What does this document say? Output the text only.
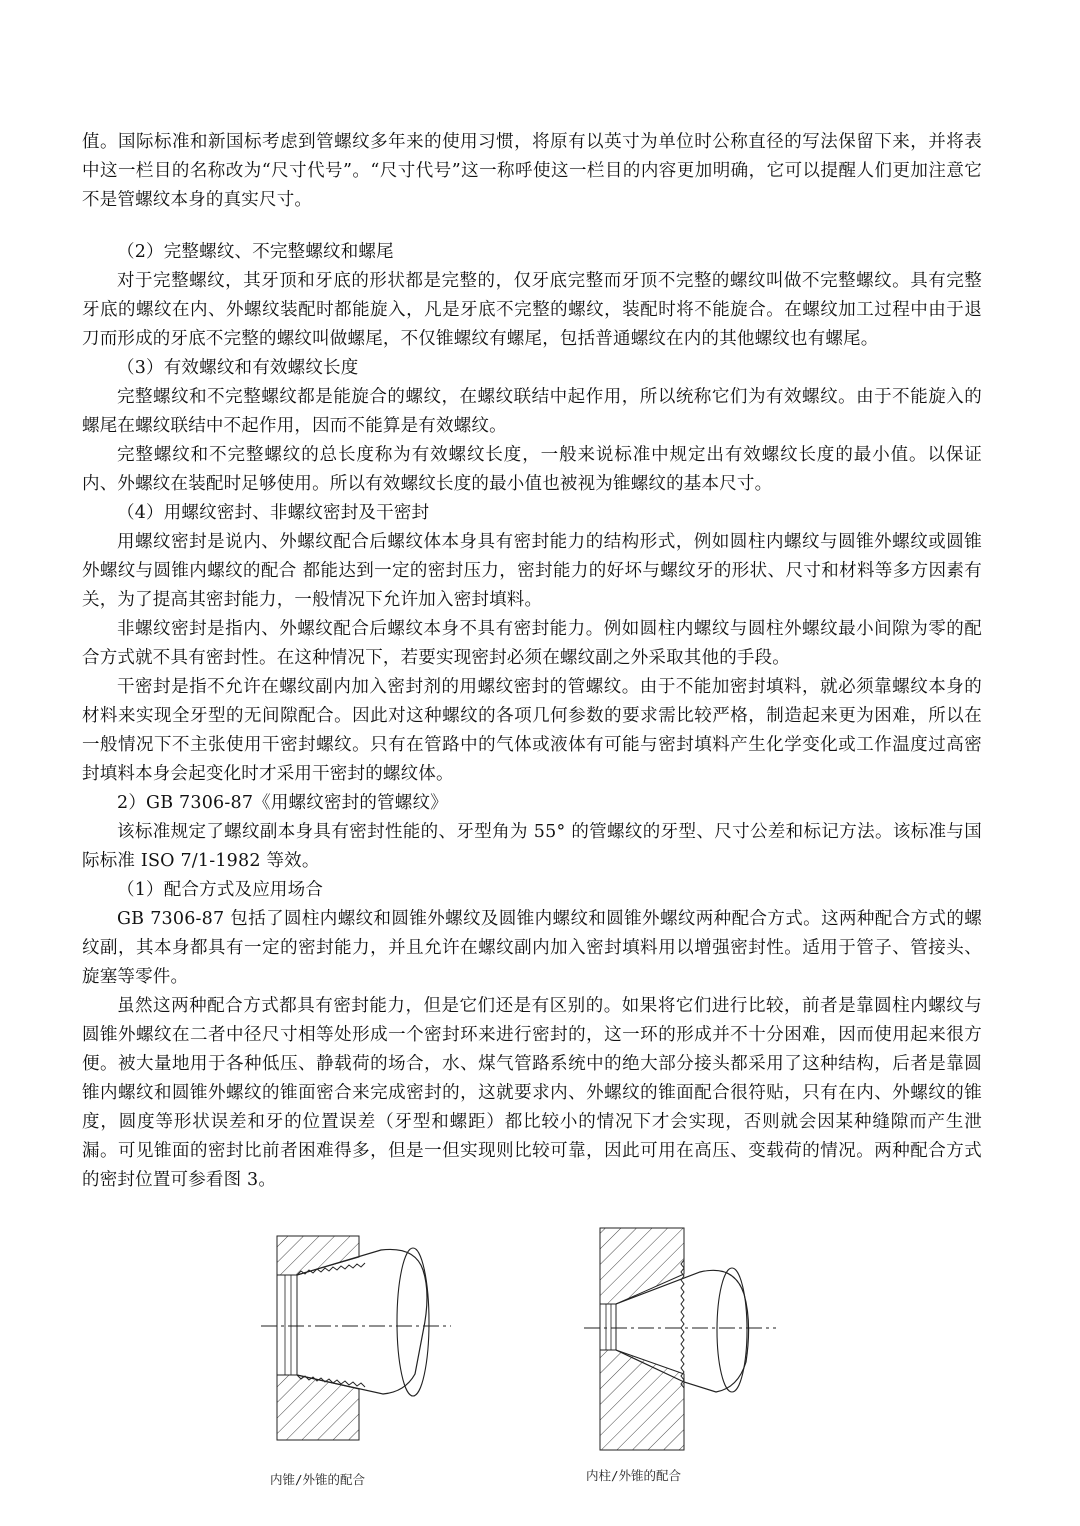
值。国际标准和新国标考虑到管螺纹多年来的使用习惯，将原有以英寸为单位时公称直径的写法保留下来，并将表中这一栏目的名称改为“尺寸代号”。“尺寸代号”这一称呼使这一栏目的内容更加明确，它可以提醒人们更加注意它不是管螺纹本身的真实尺寸。

（2）完整螺纹、不完整螺纹和螺尾

对于完整螺纹，其牙顶和牙底的形状都是完整的，仅牙底完整而牙顶不完整的螺纹叫做不完整螺纹。具有完整牙底的螺纹在内、外螺纹装配时都能旋入，凡是牙底不完整的螺纹，装配时将不能旋合。在螺纹加工过程中由于退刀而形成的牙底不完整的螺纹叫做螺尾，不仅锥螺纹有螺尾，包括普通螺纹在内的其他螺纹也有螺尾。

（3）有效螺纹和有效螺纹长度

完整螺纹和不完整螺纹都是能旋合的螺纹，在螺纹联结中起作用，所以统称它们为有效螺纹。由于不能旋入的螺尾在螺纹联结中不起作用，因而不能算是有效螺纹。

完整螺纹和不完整螺纹的总长度称为有效螺纹长度，一般来说标准中规定出有效螺纹长度的最小值。以保证内、外螺纹在装配时足够使用。所以有效螺纹长度的最小值也被视为锥螺纹的基本尺寸。

（4）用螺纹密封、非螺纹密封及干密封

用螺纹密封是说内、外螺纹配合后螺纹体本身具有密封能力的结构形式，例如圆柱内螺纹与圆锥外螺纹或圆锥外螺纹与圆锥内螺纹的配合 都能达到一定的密封压力，密封能力的好坏与螺纹牙的形状、尺寸和材料等多方因素有关，为了提高其密封能力，一般情况下允许加入密封填料。

非螺纹密封是指内、外螺纹配合后螺纹本身不具有密封能力。例如圆柱内螺纹与圆柱外螺纹最小间隙为零的配合方式就不具有密封性。在这种情况下，若要实现密封必须在螺纹副之外采取其他的手段。

干密封是指不允许在螺纹副内加入密封剂的用螺纹密封的管螺纹。由于不能加密封填料，就必须靠螺纹本身的材料来实现全牙型的无间隙配合。因此对这种螺纹的各项几何参数的要求需比较严格，制造起来更为困难，所以在一般情况下不主张使用干密封螺纹。只有在管路中的气体或液体有可能与密封填料产生化学变化或工作温度过高密封填料本身会起变化时才采用干密封的螺纹体。

2）GB 7306-87《用螺纹密封的管螺纹》

该标准规定了螺纹副本身具有密封性能的、牙型角为 55° 的管螺纹的牙型、尺寸公差和标记方法。该标准与国际标准 ISO 7/1-1982 等效。

（1）配合方式及应用场合

GB 7306-87 包括了圆柱内螺纹和圆锥外螺纹及圆锥内螺纹和圆锥外螺纹两种配合方式。这两种配合方式的螺纹副，其本身都具有一定的密封能力，并且允许在螺纹副内加入密封填料用以增强密封性。适用于管子、管接头、旋塞等零件。

虽然这两种配合方式都具有密封能力，但是它们还是有区别的。如果将它们进行比较，前者是靠圆柱内螺纹与圆锥外螺纹在二者中径尺寸相等处形成一个密封环来进行密封的，这一环的形成并不十分困难，因而使用起来很方便。被大量地用于各种低压、静载荷的场合，水、煤气管路系统中的绝大部分接头都采用了这种结构，后者是靠圆锥内螺纹和圆锥外螺纹的锥面密合来完成密封的，这就要求内、外螺纹的锥面配合很符贴，只有在内、外螺纹的锥度，圆度等形状误差和牙的位置误差（牙型和螺距）都比较小的情况下才会实现，否则就会因某种缝隙而产生泄漏。可见锥面的密封比前者困难得多，但是一但实现则比较可靠，因此可用在高压、变载荷的情况。两种配合方式的密封位置可参看图 3。

内锥/外锥的配合	内柱/外锥的配合
